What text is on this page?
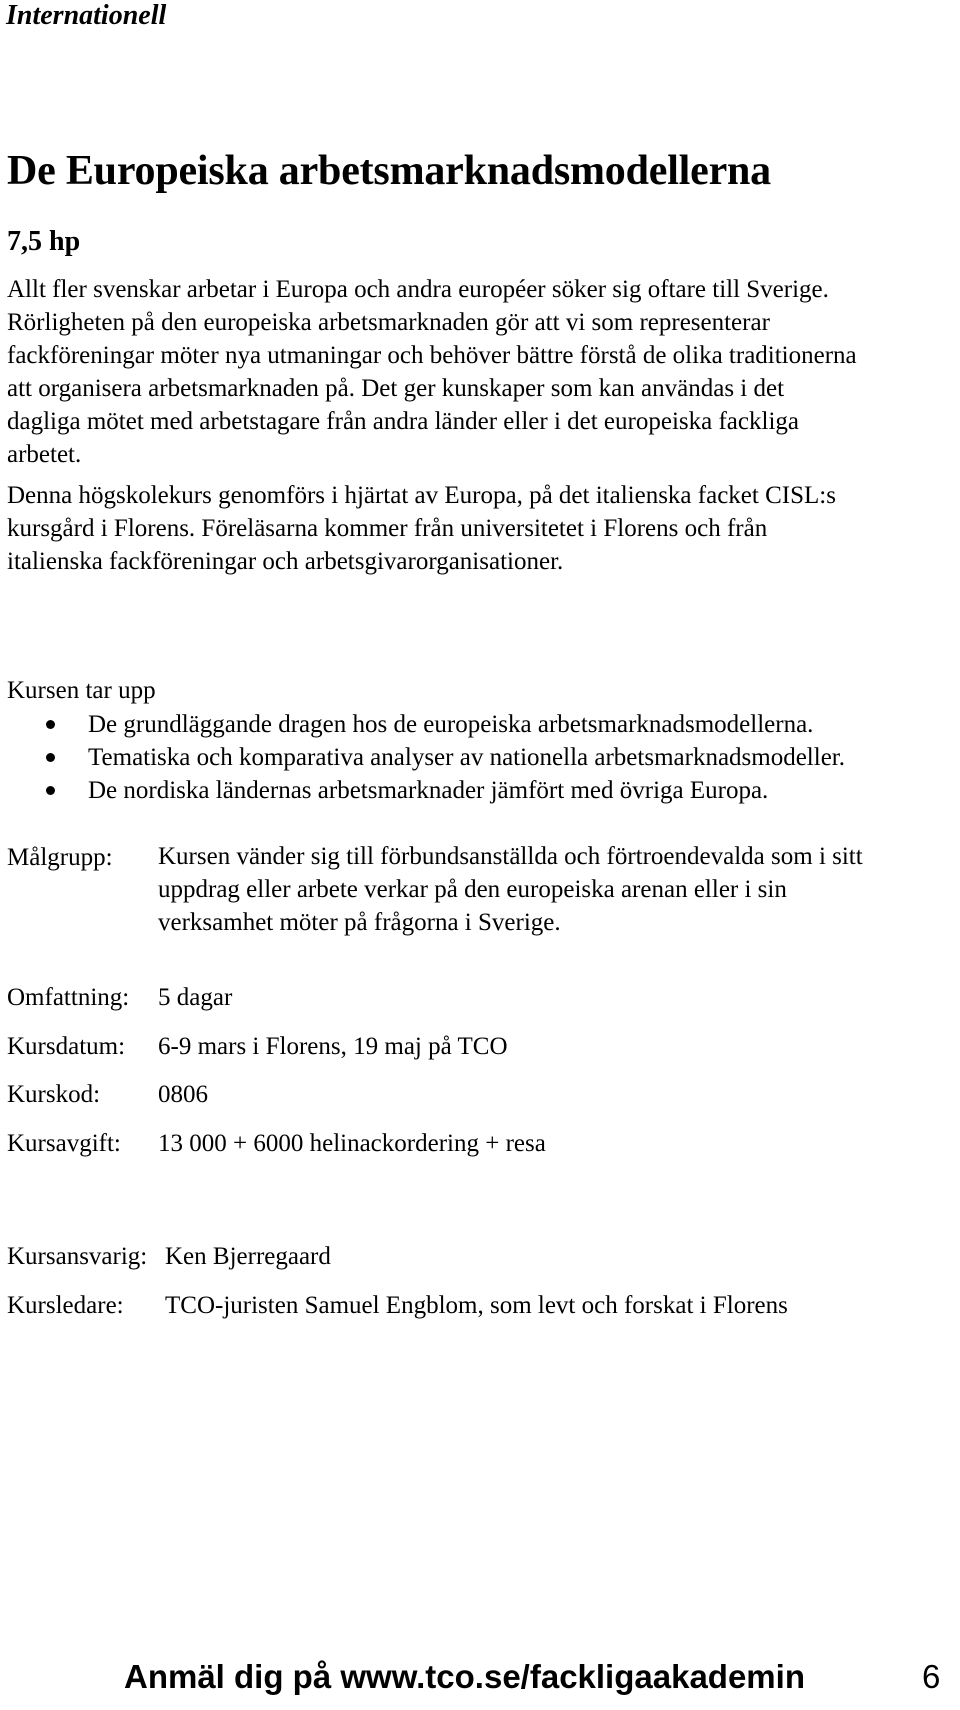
Internationell
De Europeiska arbetsmarknadsmodellerna
7,5 hp
Allt fler svenskar arbetar i Europa och andra européer söker sig oftare till Sverige.
Rörligheten på den europeiska arbetsmarknaden gör att vi som representerar
fackföreningar möter nya utmaningar och behöver bättre förstå de olika traditionerna
att organisera arbetsmarknaden på. Det ger kunskaper som kan användas i det
dagliga mötet med arbetstagare från andra länder eller i det europeiska fackliga
arbetet.
Denna högskolekurs genomförs i hjärtat av Europa, på det italienska facket CISL:s
kursgård i Florens. Föreläsarna kommer från universitetet i Florens och från
italienska fackföreningar och arbetsgivarorganisationer.
Kursen tar upp
De grundläggande dragen hos de europeiska arbetsmarknadsmodellerna.
Tematiska och komparativa analyser av nationella arbetsmarknadsmodeller.
De nordiska ländernas arbetsmarknader jämfört med övriga Europa.
Målgrupp: Kursen vänder sig till förbundsanställda och förtroendevalda som i sitt
uppdrag eller arbete verkar på den europeiska arenan eller i sin
verksamhet möter på frågorna i Sverige.
Omfattning: 5 dagar
Kursdatum: 6-9 mars i Florens, 19 maj på TCO
Kurskod: 0806
Kursavgift: 13 000 + 6000 helinackordering + resa
Kursansvarig: Ken Bjerregaard
Kursledare: TCO-juristen Samuel Engblom, som levt och forskat i Florens
Anmäl dig på www.tco.se/fackligaakademin	6
